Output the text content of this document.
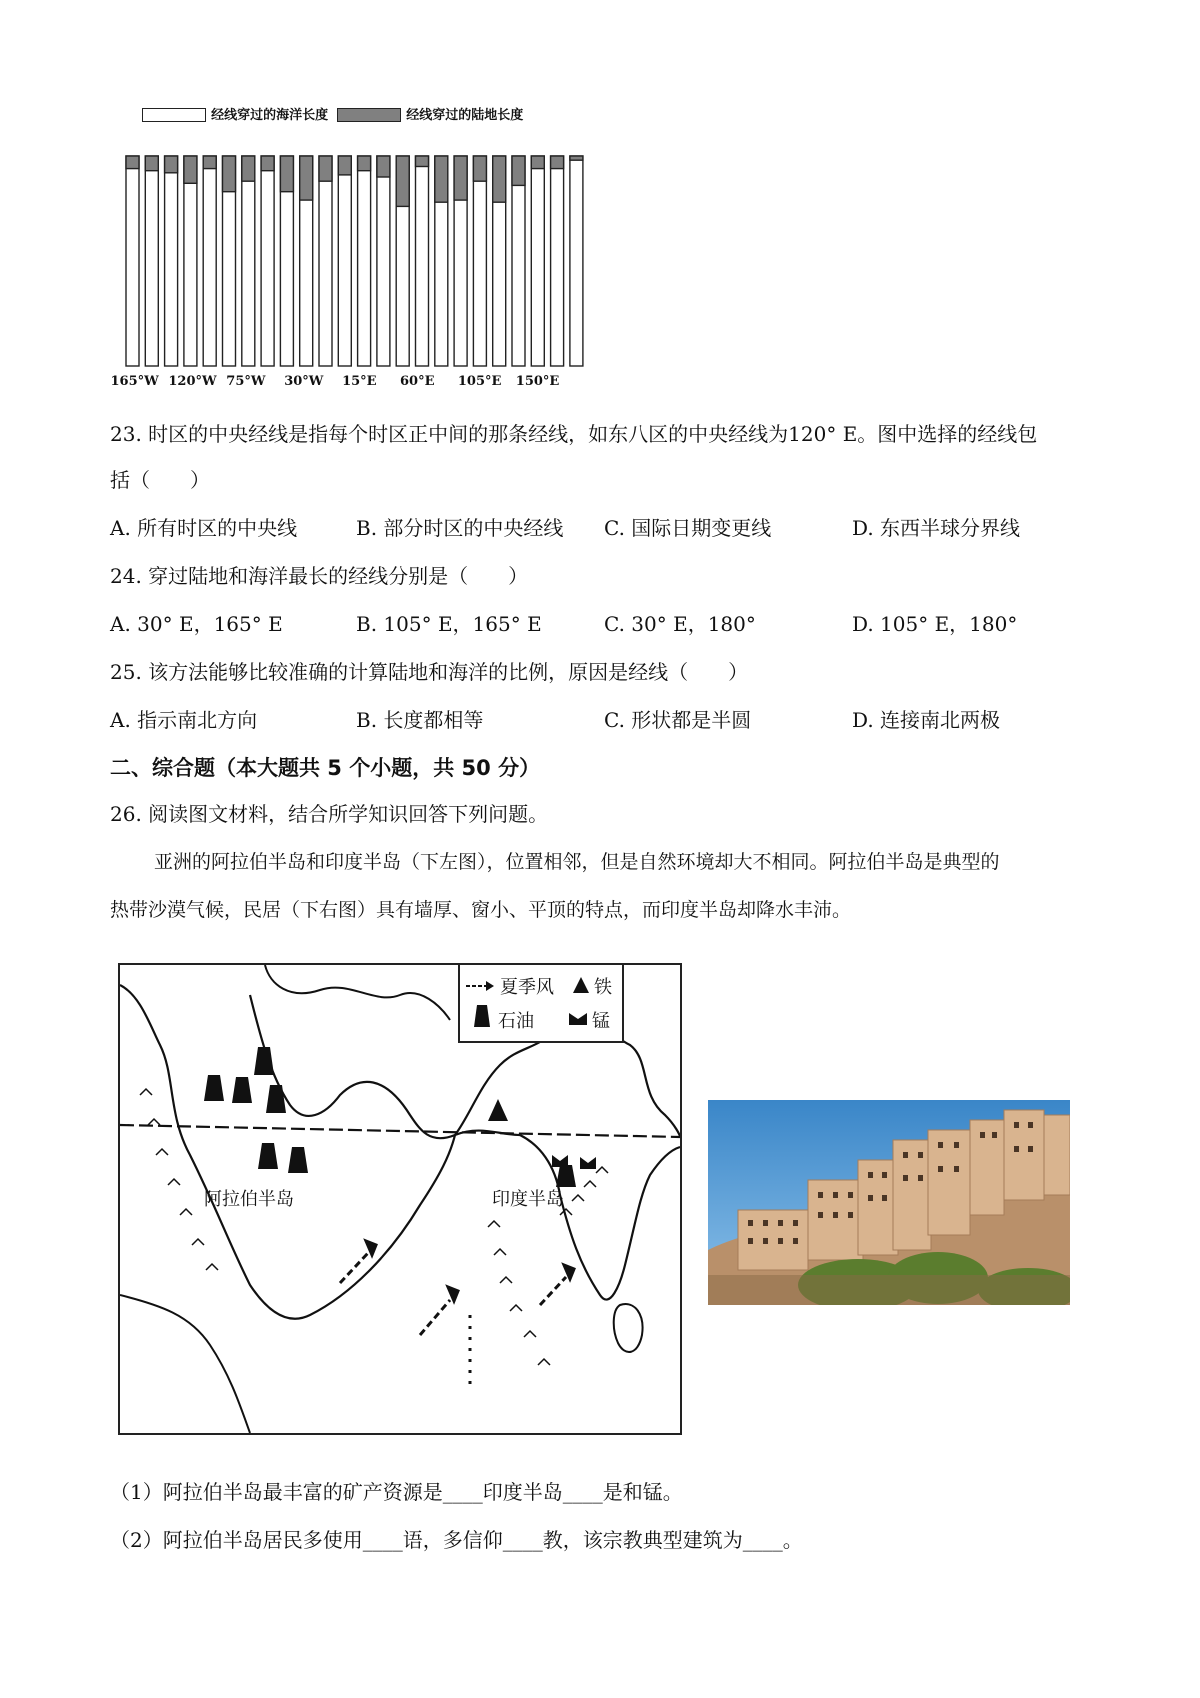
经线穿过的海洋长度	经线穿过的陆地长度
165°W 120°W 75°W 30°W 15°E 60°E 105°E 150°E
23. 时区的中央经线是指每个时区正中间的那条经线，如东八区的中央经线为120° E。图中选择的经线包
括（　　）
A. 所有时区的中央线	B. 部分时区的中央经线 C. 国际日期变更线	D. 东西半球分界线
24. 穿过陆地和海洋最长的经线分别是（　　）
A. 30° E，165° E	B. 105° E，165° E	C. 30° E，180°	D. 105° E，180°
25. 该方法能够比较准确的计算陆地和海洋的比例，原因是经线（　　）
A. 指示南北方向	B. 长度都相等	C. 形状都是半圆	D. 连接南北两极
二、综合题（本大题共 5 个小题，共 50 分）
26. 阅读图文材料，结合所学知识回答下列问题。
亚洲的阿拉伯半岛和印度半岛（下左图），位置相邻，但是自然环境却大不相同。阿拉伯半岛是典型的
热带沙漠气候，民居（下右图）具有墙厚、窗小、平顶的特点，而印度半岛却降水丰沛。
夏季风 铁
石油	锰
阿拉伯半岛	印度半岛
（1）阿拉伯半岛最丰富的矿产资源是____印度半岛____是和锰。
（2）阿拉伯半岛居民多使用____语，多信仰____教，该宗教典型建筑为____。
